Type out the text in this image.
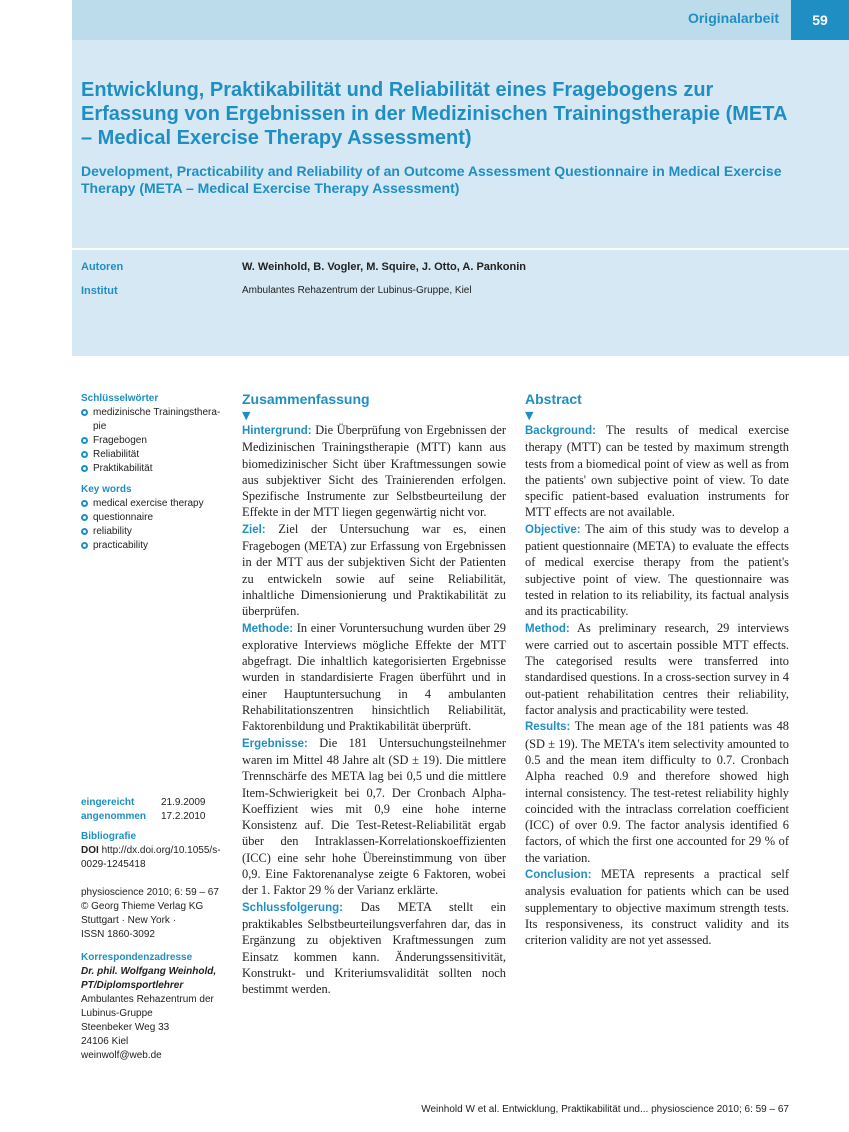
Originalarbeit	59
Entwicklung, Praktikabilität und Reliabilität eines Fragebogens zur Erfassung von Ergebnissen in der Medizinischen Trainingstherapie (META – Medical Exercise Therapy Assessment)
Development, Practicability and Reliability of an Outcome Assessment Questionnaire in Medical Exercise Therapy (META – Medical Exercise Therapy Assessment)
Autoren	W. Weinhold, B. Vogler, M. Squire, J. Otto, A. Pankonin
Institut	Ambulantes Rehazentrum der Lubinus-Gruppe, Kiel
Schlüsselwörter
medizinische Trainingsthera-pie
Fragebogen
Reliabilität
Praktikabilität
Key words
medical exercise therapy
questionnaire
reliability
practicability
eingereicht	21.9.2009
angenommen	17.2.2010
Bibliografie
DOI http://dx.doi.org/10.1055/s-0029-1245418
physioscience 2010; 6: 59 – 67
© Georg Thieme Verlag KG
Stuttgart · New York ·
ISSN 1860-3092
Korrespondenzadresse
Dr. phil. Wolfgang Weinhold, PT/Diplomsportlehrer
Ambulantes Rehazentrum der Lubinus-Gruppe
Steenbeker Weg 33
24106 Kiel
weinwolf@web.de
Zusammenfassung
▼

Hintergrund: Die Überprüfung von Ergebnissen der Medizinischen Trainingstherapie (MTT) kann aus biomedizinischer Sicht über Kraftmessungen sowie aus subjektiver Sicht des Trainierenden erfolgen. Spezifische Instrumente zur Selbstbeurteilung der Effekte in der MTT liegen gegenwärtig nicht vor.

Ziel: Ziel der Untersuchung war es, einen Fragebogen (META) zur Erfassung von Ergebnissen in der MTT aus der subjektiven Sicht der Patienten zu entwickeln sowie auf seine Reliabilität, inhaltliche Dimensionierung und Praktikabilität zu überprüfen.

Methode: In einer Voruntersuchung wurden über 29 explorative Interviews mögliche Effekte der MTT abgefragt. Die inhaltlich kategorisierten Ergebnisse wurden in standardisierte Fragen überführt und in einer Hauptuntersuchung in 4 ambulanten Rehabilitationszentren hinsichtlich Reliabilität, Faktorenbildung und Praktikabilität überprüft.

Ergebnisse: Die 181 Untersuchungsteilnehmer waren im Mittel 48 Jahre alt (SD ± 19). Die mittlere Trennschärfe des META lag bei 0,5 und die mittlere Item-Schwierigkeit bei 0,7. Der Cronbach Alpha-Koeffizient wies mit 0,9 eine hohe interne Konsistenz auf. Die Test-Retest-Reliabilität ergab über den Intraklassen-Korrelationskoeffizienten (ICC) eine sehr hohe Übereinstimmung von über 0,9. Eine Faktorenanalyse zeigte 6 Faktoren, wobei der 1. Faktor 29 % der Varianz erklärte.

Schlussfolgerung: Das META stellt ein praktikables Selbstbeurteilungsverfahren dar, das in Ergänzung zu objektiven Kraftmessungen zum Einsatz kommen kann. Änderungssensitivität, Konstrukt- und Kriteriumsvalidität sollten noch bestimmt werden.

Abstract
▼

Background: The results of medical exercise therapy (MTT) can be tested by maximum strength tests from a biomedical point of view as well as from the patients' own subjective point of view. To date specific patient-based evaluation instruments for MTT effects are not available.

Objective: The aim of this study was to develop a patient questionnaire (META) to evaluate the effects of medical exercise therapy from the patient's subjective point of view. The questionnaire was tested in relation to its reliability, its factual analysis and its practicability.

Method: As preliminary research, 29 interviews were carried out to ascertain possible MTT effects. The categorised results were transferred into standardised questions. In a cross-section survey in 4 out-patient rehabilitation centres their reliability, factor analysis and practicability were tested.

Results: The mean age of the 181 patients was 48 (SD ± 19). The META's item selectivity amounted to 0.5 and the mean item difficulty to 0.7. Cronbach Alpha reached 0.9 and therefore showed high internal consistency. The test-retest reliability highly coincided with the intraclass correlation coefficient (ICC) of over 0.9. The factor analysis identified 6 factors, of which the first one accounted for 29 % of the variation.

Conclusion: META represents a practical self analysis evaluation for patients which can be used supplementary to objective maximum strength tests. Its responsiveness, its construct validity and its criterion validity are not yet assessed.

Weinhold W et al. Entwicklung, Praktikabilität und... physioscience 2010; 6: 59 – 67
